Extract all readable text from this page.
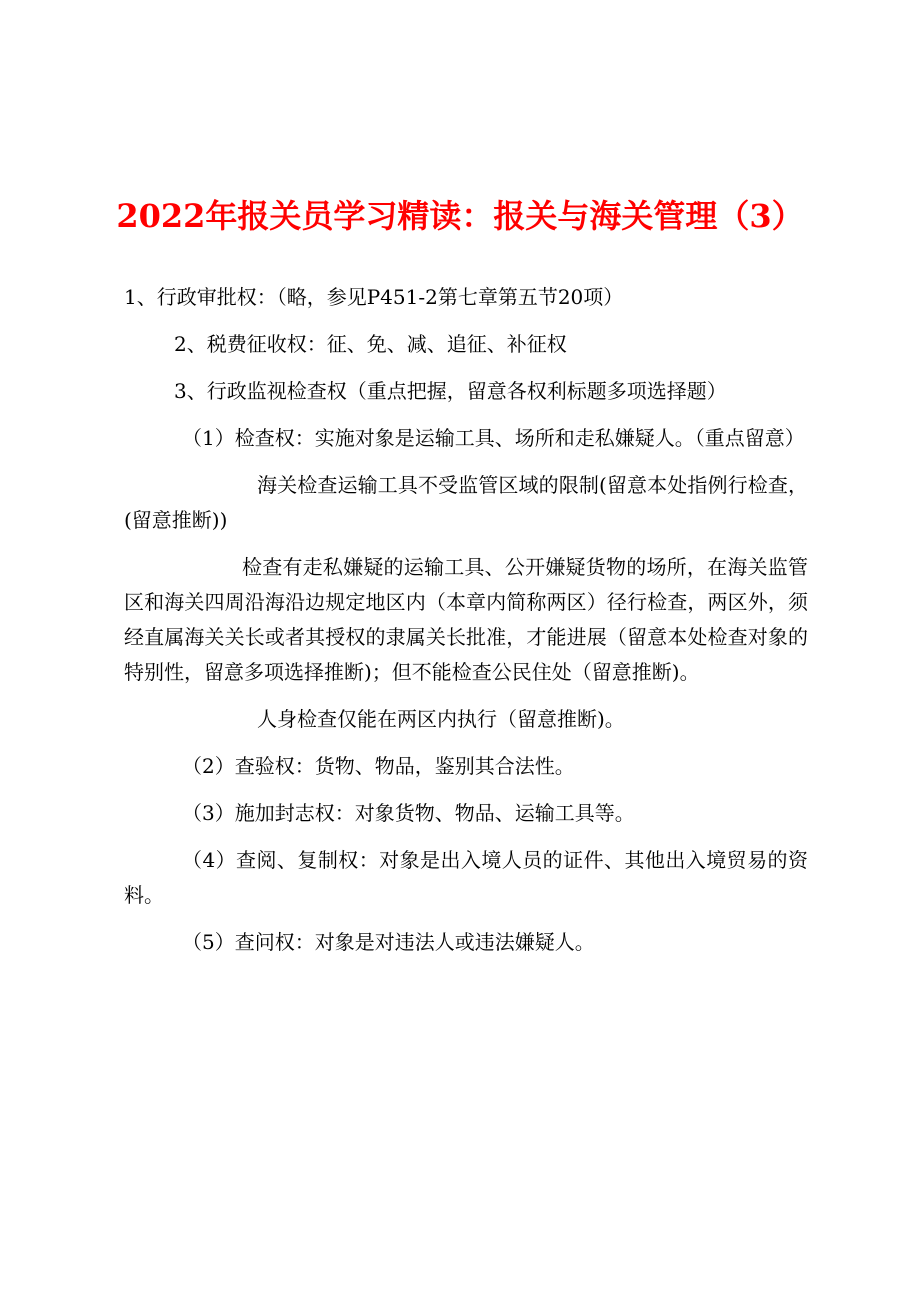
2022年报关员学习精读：报关与海关管理（3）

1、行政审批权：（略，参见P451-2第七章第五节20项）

2、税费征收权：征、免、减、追征、补征权

3、行政监视检查权（重点把握，留意各权利标题多项选择题）

（1）检查权：实施对象是运输工具、场所和走私嫌疑人。（重点留意）

海关检查运输工具不受监管区域的限制(留意本处指例行检查，(留意推断))

检查有走私嫌疑的运输工具、公开嫌疑货物的场所，在海关监管区和海关四周沿海沿边规定地区内（本章内简称两区）径行检查，两区外，须经直属海关关长或者其授权的隶属关长批准，才能进展（留意本处检查对象的特别性，留意多项选择推断)；但不能检查公民住处（留意推断)。

人身检查仅能在两区内执行（留意推断)。

（2）查验权：货物、物品，鉴别其合法性。

（3）施加封志权：对象货物、物品、运输工具等。

（4）查阅、复制权：对象是出入境人员的证件、其他出入境贸易的资料。

（5）查问权：对象是对违法人或违法嫌疑人。
